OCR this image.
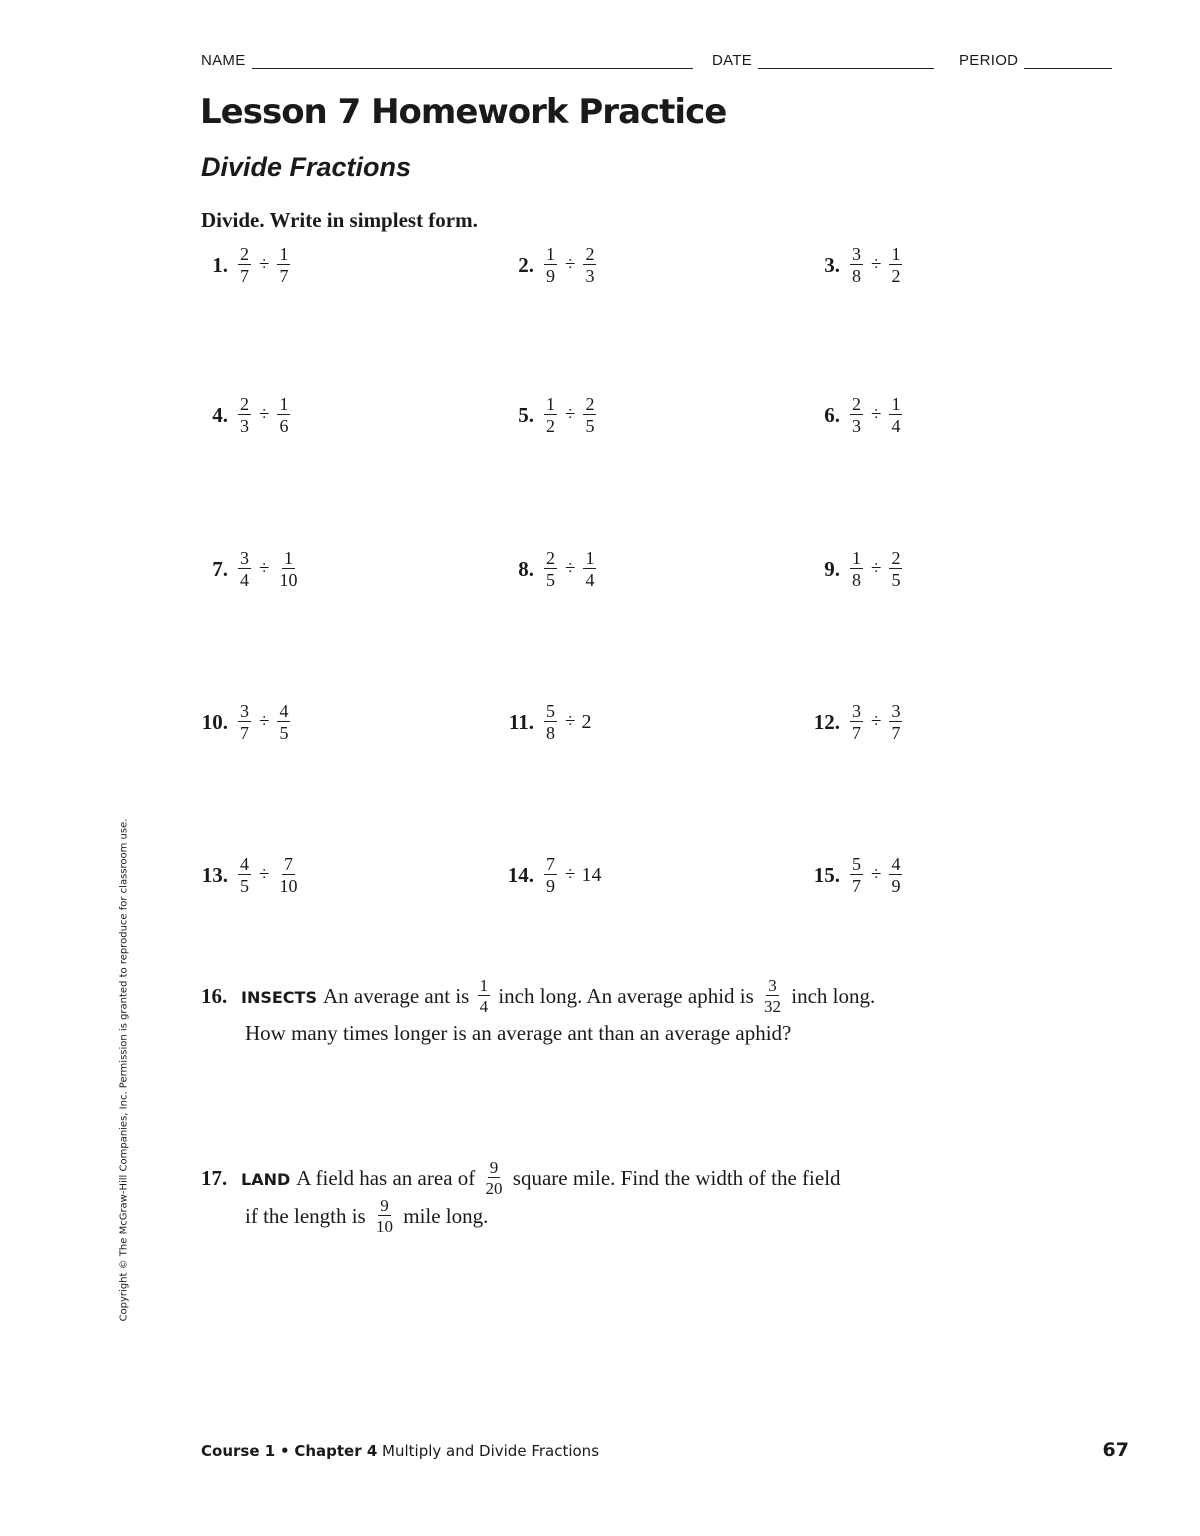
NAME	DATE	PERIOD
Lesson 7 Homework Practice
Divide Fractions
Divide. Write in simplest form.
1. $\frac{2}{7} \div \frac{1}{7}$	2. $\frac{1}{9} \div \frac{2}{3}$	3. $\frac{3}{8} \div \frac{1}{2}$
4. $\frac{2}{3} \div \frac{1}{6}$	5. $\frac{1}{2} \div \frac{2}{5}$	6. $\frac{2}{3} \div \frac{1}{4}$
7. $\frac{3}{4} \div \frac{1}{10}$	8. $\frac{2}{5} \div \frac{1}{4}$	9. $\frac{1}{8} \div \frac{2}{5}$
10. $\frac{3}{7} \div \frac{4}{5}$	11. $\frac{5}{8} \div 2$	12. $\frac{3}{7} \div \frac{3}{7}$
13. $\frac{4}{5} \div \frac{7}{10}$	14. $\frac{7}{9} \div 14$	15. $\frac{5}{7} \div \frac{4}{9}$
16. INSECTS An average ant is $\frac{1}{4}$ inch long. An average aphid is $\frac{3}{32}$ inch long.
How many times longer is an average ant than an average aphid?
17. LAND A field has an area of $\frac{9}{20}$ square mile. Find the width of the field
if the length is $\frac{9}{10}$ mile long.
Copyright © The McGraw-Hill Companies, Inc. Permission is granted to reproduce for classroom use.
Course 1 • Chapter 4 Multiply and Divide Fractions	67
